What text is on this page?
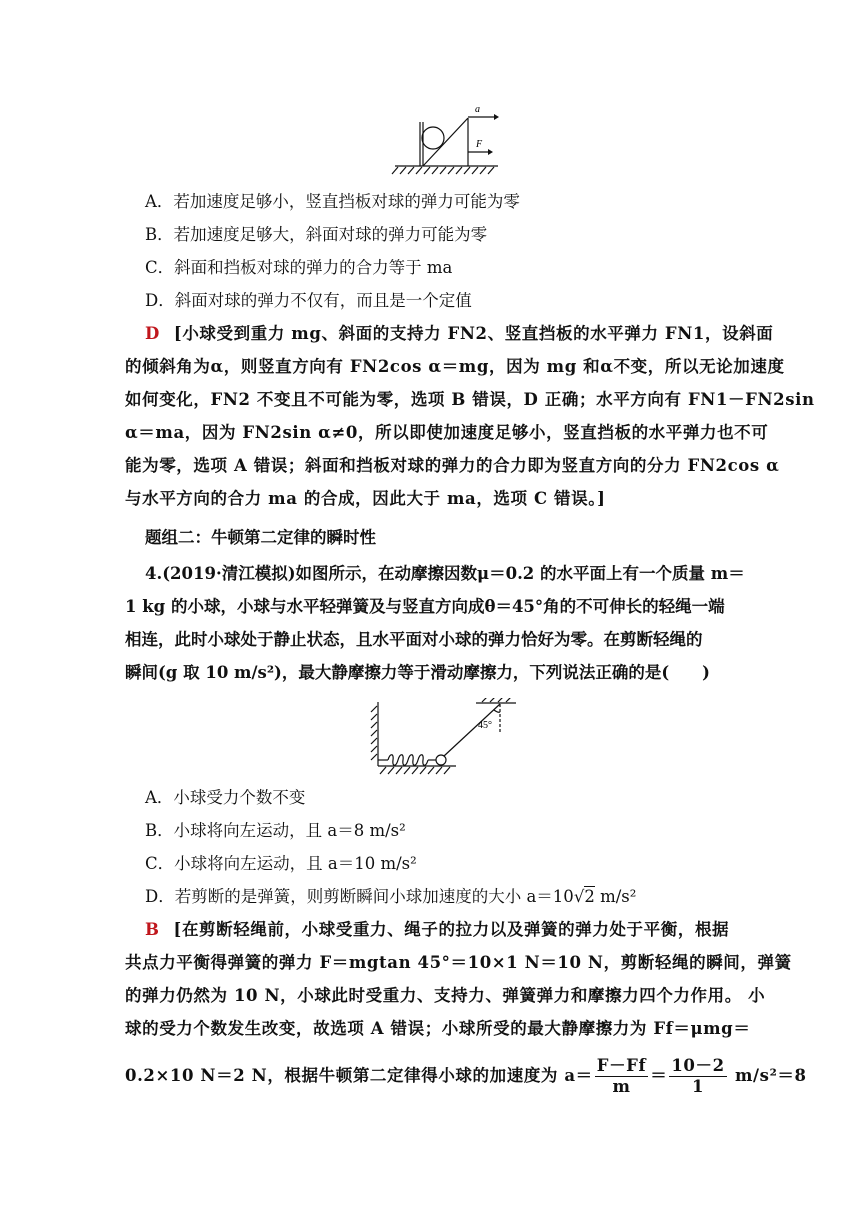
a
F
A．若加速度足够小，竖直挡板对球的弹力可能为零
B．若加速度足够大，斜面对球的弹力可能为零
C．斜面和挡板对球的弹力的合力等于 ma
D．斜面对球的弹力不仅有，而且是一个定值
D [小球受到重力 mg、斜面的支持力 FN2、竖直挡板的水平弹力 FN1，设斜面
的倾斜角为α，则竖直方向有 FN2cos α＝mg，因为 mg 和α不变，所以无论加速度
如何变化，FN2 不变且不可能为零，选项 B 错误，D 正确；水平方向有 FN1－FN2sin
α＝ma，因为 FN2sin α≠0，所以即使加速度足够小，竖直挡板的水平弹力也不可
能为零，选项 A 错误；斜面和挡板对球的弹力的合力即为竖直方向的分力 FN2cos α
与水平方向的合力 ma 的合成，因此大于 ma，选项 C 错误。]
题组二：牛顿第二定律的瞬时性
4.(2019·清江模拟)如图所示，在动摩擦因数μ＝0.2 的水平面上有一个质量 m＝
1 kg 的小球，小球与水平轻弹簧及与竖直方向成θ＝45°角的不可伸长的轻绳一端
相连，此时小球处于静止状态，且水平面对小球的弹力恰好为零。在剪断轻绳的
瞬间(g 取 10 m/s²)，最大静摩擦力等于滑动摩擦力，下列说法正确的是(　　)
45°
A．小球受力个数不变
B．小球将向左运动，且 a＝8 m/s²
C．小球将向左运动，且 a＝10 m/s²
D．若剪断的是弹簧，则剪断瞬间小球加速度的大小 a＝10√2 m/s²
B [在剪断轻绳前，小球受重力、绳子的拉力以及弹簧的弹力处于平衡，根据
共点力平衡得弹簧的弹力 F＝mgtan 45°＝10×1 N＝10 N，剪断轻绳的瞬间，弹簧
的弹力仍然为 10 N，小球此时受重力、支持力、弹簧弹力和摩擦力四个力作用。 小
球的受力个数发生改变，故选项 A 错误；小球所受的最大静摩擦力为 Ff＝μmg＝
0.2×10 N＝2 N，根据牛顿第二定律得小球的加速度为 $a= \frac{F-Ff}{m} = \frac{10-2}{1} m/s^2=8$
